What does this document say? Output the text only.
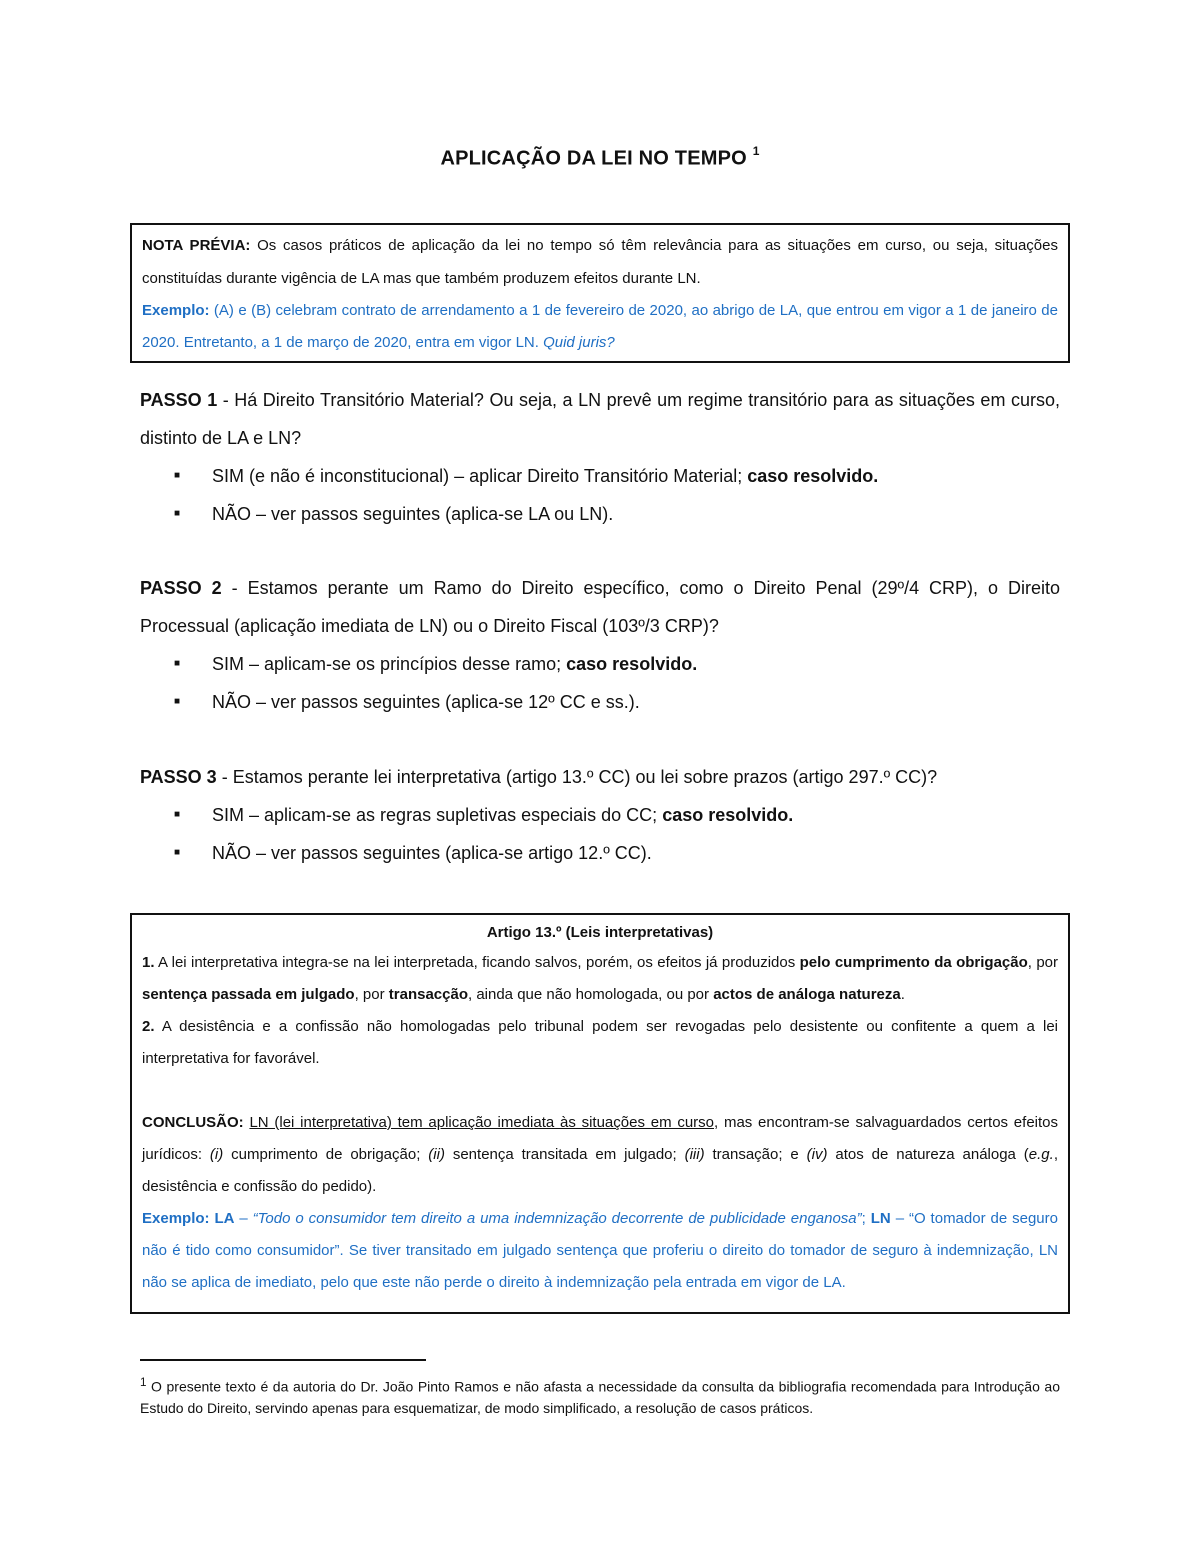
APLICAÇÃO DA LEI NO TEMPO $^1$

NOTA PRÉVIA: Os casos práticos de aplicação da lei no tempo só têm relevância para as situações em curso, ou seja, situações constituídas durante vigência de LA mas que também produzem efeitos durante LN.

Exemplo: (A) e (B) celebram contrato de arrendamento a 1 de fevereiro de 2020, ao abrigo de LA, que entrou em vigor a 1 de janeiro de 2020. Entretanto, a 1 de março de 2020, entra em vigor LN. Quid juris?

PASSO 1 - Há Direito Transitório Material? Ou seja, a LN prevê um regime transitório para as situações em curso, distinto de LA e LN?

■ SIM (e não é inconstitucional) – aplicar Direito Transitório Material; caso resolvido.
■ NÃO – ver passos seguintes (aplica-se LA ou LN).

PASSO 2 - Estamos perante um Ramo do Direito específico, como o Direito Penal (29º/4 CRP), o Direito Processual (aplicação imediata de LN) ou o Direito Fiscal (103º/3 CRP)?

■ SIM – aplicam-se os princípios desse ramo; caso resolvido.
■ NÃO – ver passos seguintes (aplica-se 12º CC e ss.).

PASSO 3 - Estamos perante lei interpretativa (artigo 13.º CC) ou lei sobre prazos (artigo 297.º CC)?

■ SIM – aplicam-se as regras supletivas especiais do CC; caso resolvido.
■ NÃO – ver passos seguintes (aplica-se artigo 12.º CC).

Artigo 13.º (Leis interpretativas)

1. A lei interpretativa integra-se na lei interpretada, ficando salvos, porém, os efeitos já produzidos pelo cumprimento da obrigação, por sentença passada em julgado, por transacção, ainda que não homologada, ou por actos de análoga natureza.

2. A desistência e a confissão não homologadas pelo tribunal podem ser revogadas pelo desistente ou confitente a quem a lei interpretativa for favorável.

CONCLUSÃO: LN (lei interpretativa) tem aplicação imediata às situações em curso, mas encontram-se salvaguardados certos efeitos jurídicos: (i) cumprimento de obrigação; (ii) sentença transitada em julgado; (iii) transação; e (iv) atos de natureza análoga (e.g., desistência e confissão do pedido).

Exemplo: LA – “Todo o consumidor tem direito a uma indemnização decorrente de publicidade enganosa”; LN – “O tomador de seguro não é tido como consumidor”. Se tiver transitado em julgado sentença que proferiu o direito do tomador de seguro à indemnização, LN não se aplica de imediato, pelo que este não perde o direito à indemnização pela entrada em vigor de LA.

$^1$ O presente texto é da autoria do Dr. João Pinto Ramos e não afasta a necessidade da consulta da bibliografia recomendada para Introdução ao Estudo do Direito, servindo apenas para esquematizar, de modo simplificado, a resolução de casos práticos.
